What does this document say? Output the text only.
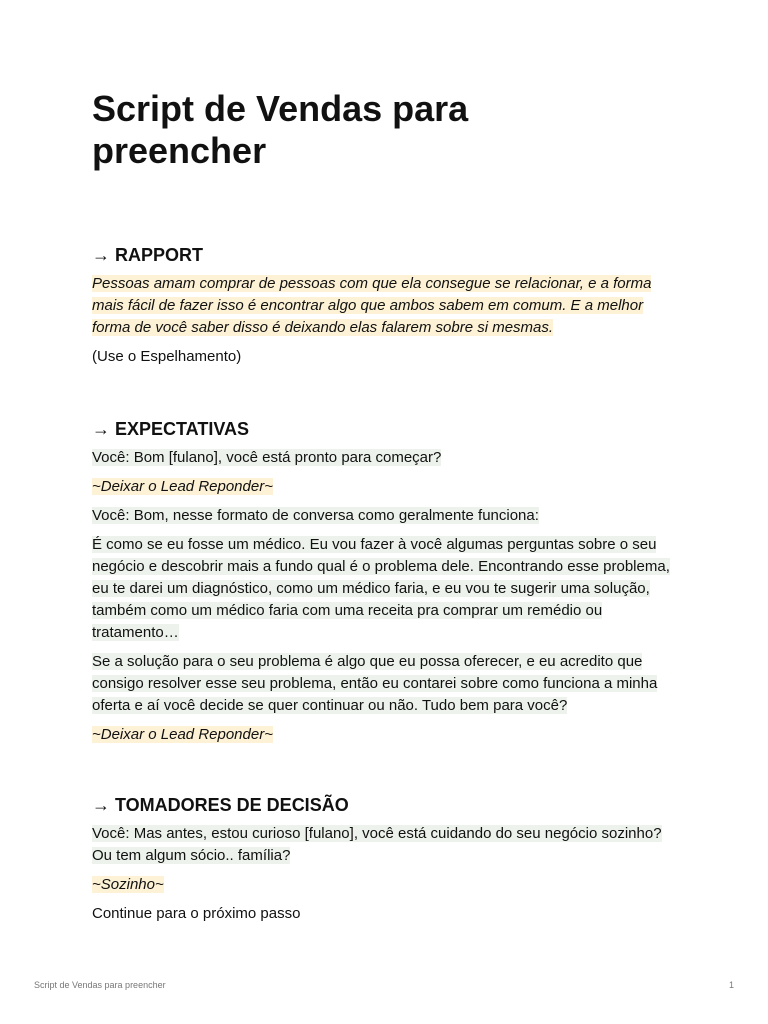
Script de Vendas para preencher
→ RAPPORT

Pessoas amam comprar de pessoas com que ela consegue se relacionar, e a forma mais fácil de fazer isso é encontrar algo que ambos sabem em comum. E a melhor forma de você saber disso é deixando elas falarem sobre si mesmas.

(Use o Espelhamento)

→ EXPECTATIVAS

Você: Bom [fulano], você está pronto para começar?

~Deixar o Lead Reponder~

Você: Bom, nesse formato de conversa como geralmente funciona:

É como se eu fosse um médico. Eu vou fazer à você algumas perguntas sobre o seu negócio e descobrir mais a fundo qual é o problema dele. Encontrando esse problema, eu te darei um diagnóstico, como um médico faria, e eu vou te sugerir uma solução, também como um médico faria com uma receita pra comprar um remédio ou tratamento…

Se a solução para o seu problema é algo que eu possa oferecer, e eu acredito que consigo resolver esse seu problema, então eu contarei sobre como funciona a minha oferta e aí você decide se quer continuar ou não. Tudo bem para você?

~Deixar o Lead Reponder~

→ TOMADORES DE DECISÃO

Você: Mas antes, estou curioso [fulano], você está cuidando do seu negócio sozinho? Ou tem algum sócio.. família?

~Sozinho~

Continue para o próximo passo

Script de Vendas para preencher	1
